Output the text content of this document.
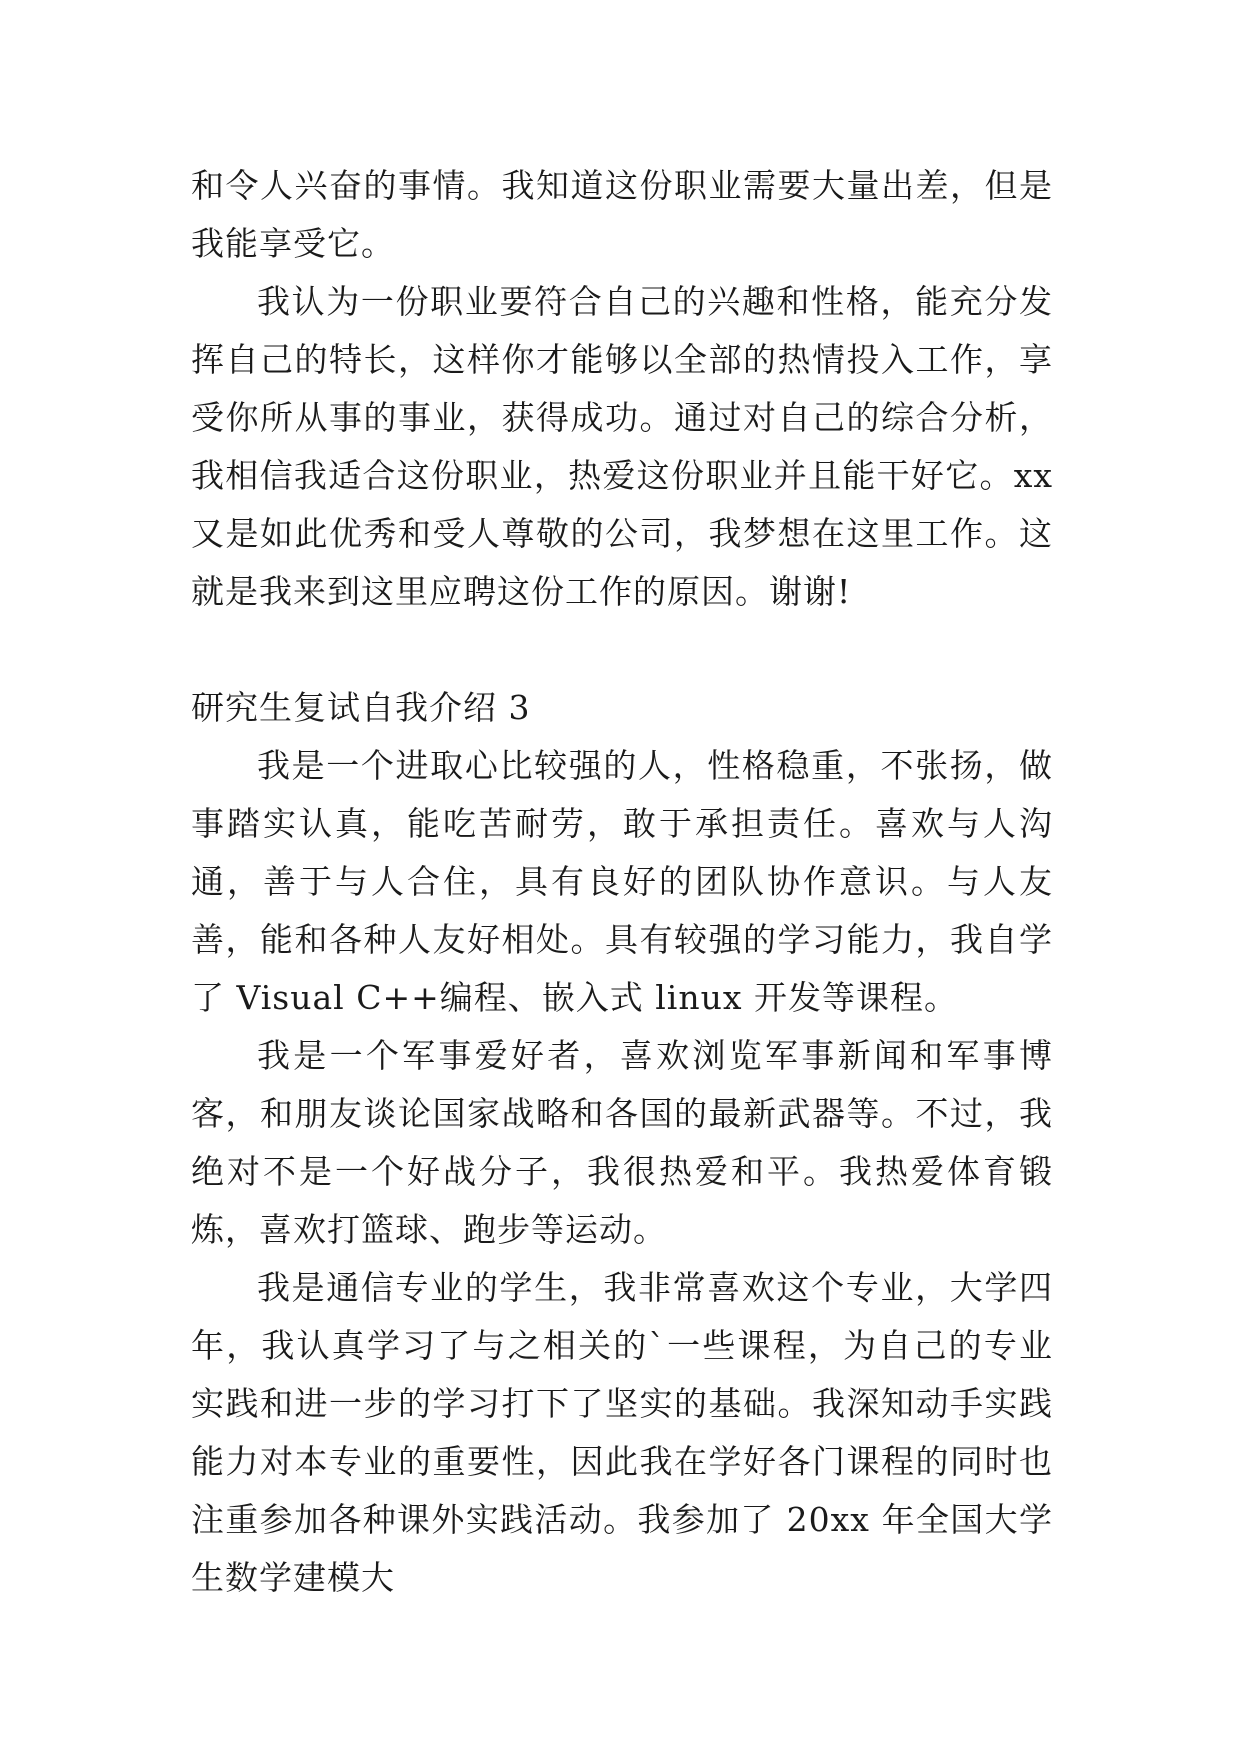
和令人兴奋的事情。我知道这份职业需要大量出差，但是我能享受它。

我认为一份职业要符合自己的兴趣和性格，能充分发挥自己的特长，这样你才能够以全部的热情投入工作，享受你所从事的事业，获得成功。通过对自己的综合分析，我相信我适合这份职业，热爱这份职业并且能干好它。xx 又是如此优秀和受人尊敬的公司，我梦想在这里工作。这就是我来到这里应聘这份工作的原因。谢谢!

研究生复试自我介绍 3

我是一个进取心比较强的人，性格稳重，不张扬，做事踏实认真，能吃苦耐劳，敢于承担责任。喜欢与人沟通，善于与人合住，具有良好的团队协作意识。与人友善，能和各种人友好相处。具有较强的学习能力，我自学了 Visual C++编程、嵌入式 linux 开发等课程。

我是一个军事爱好者，喜欢浏览军事新闻和军事博客，和朋友谈论国家战略和各国的最新武器等。不过，我绝对不是一个好战分子，我很热爱和平。我热爱体育锻炼，喜欢打篮球、跑步等运动。

我是通信专业的学生，我非常喜欢这个专业，大学四年，我认真学习了与之相关的`一些课程，为自己的专业实践和进一步的学习打下了坚实的基础。我深知动手实践能力对本专业的重要性，因此我在学好各门课程的同时也注重参加各种课外实践活动。我参加了 20xx 年全国大学生数学建模大
